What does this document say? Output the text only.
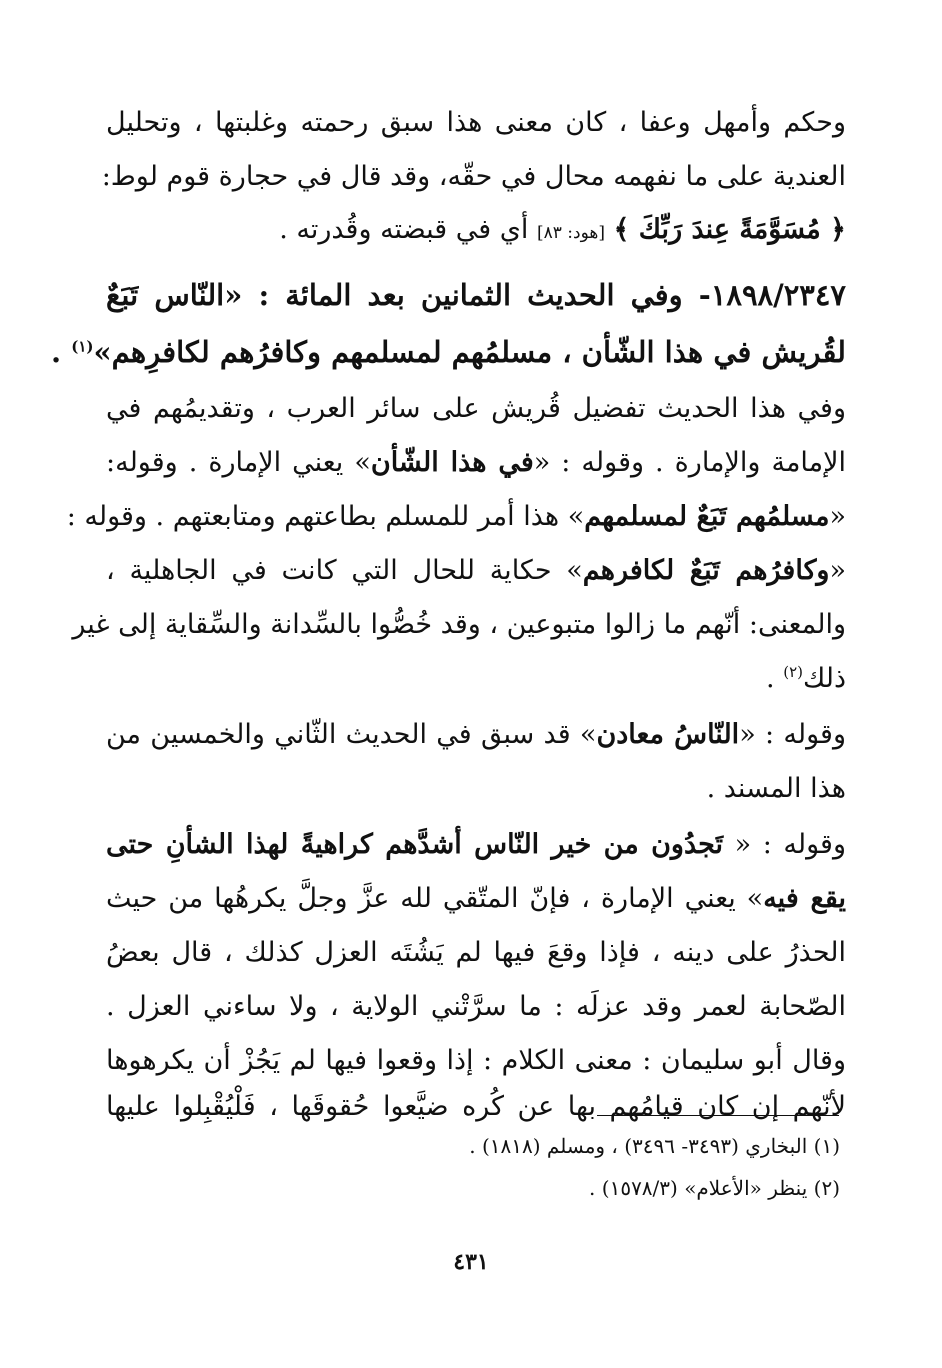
وحكم وأمهل وعفا ، كان معنى هذا سبق رحمته وغلبتها ، وتحليل
العندية على ما نفهمه محال في حقّه، وقد قال في حجارة قوم لوط:
﴿ مُسَوَّمَةً عِندَ رَبِّكَ ﴾ [هود: ٨٣] أي في قبضته وقُدرته .
١٨٩٨/٢٣٤٧- وفي الحديث الثمانين بعد المائة : «النّاس تَبَعٌ
لقُريش في هذا الشّأن ، مسلمُهم لمسلمهم وكافرُهم لكافرِهم»$^{(١)}$ .
وفي هذا الحديث تفضيل قُريش على سائر العرب ، وتقديمُهم في
الإمامة والإمارة . وقوله : «في هذا الشّأن» يعني الإمارة . وقوله:
«مسلمُهم تَبَعٌ لمسلمهم» هذا أمر للمسلم بطاعتهم ومتابعتهم . وقوله :
«وكافرُهم تَبَعٌ لكافرهم» حكاية للحال التي كانت في الجاهلية ،
والمعنى: أنّهم ما زالوا متبوعين ، وقد خُصُّوا بالسِّدانة والسِّقاية إلى غير
ذلك$^{(٢)}$ .
وقوله : «النّاسُ معادن» قد سبق في الحديث الثّاني والخمسين من
هذا المسند .
وقوله : « تَجدُون من خير النّاس أشدَّهم كراهيةً لهذا الشأنِ حتى
يقع فيه» يعني الإمارة ، فإنّ المتّقي لله عزَّ وجلَّ يكرهُها من حيث
الحذرُ على دينه ، فإذا وقعَ فيها لم يَشُتَه العزل كذلك ، قال بعضُ
الصّحابة لعمر وقد عزلَه : ما سرَّتْني الولاية ، ولا ساءني العزل .
وقال أبو سليمان : معنى الكلام : إذا وقعوا فيها لم يَجُزْ أن يكرهوها
لأنّهم إن كان قيامُهم بها عن كُره ضيَّعوا حُقوقَها ، فَلْيُقْبِلوا عليها
(١) البخاري (٣٤٩٣- ٣٤٩٦) ، ومسلم (١٨١٨) .
(٢) ينظر «الأعلام» (١٥٧٨/٣) .
٤٣١
